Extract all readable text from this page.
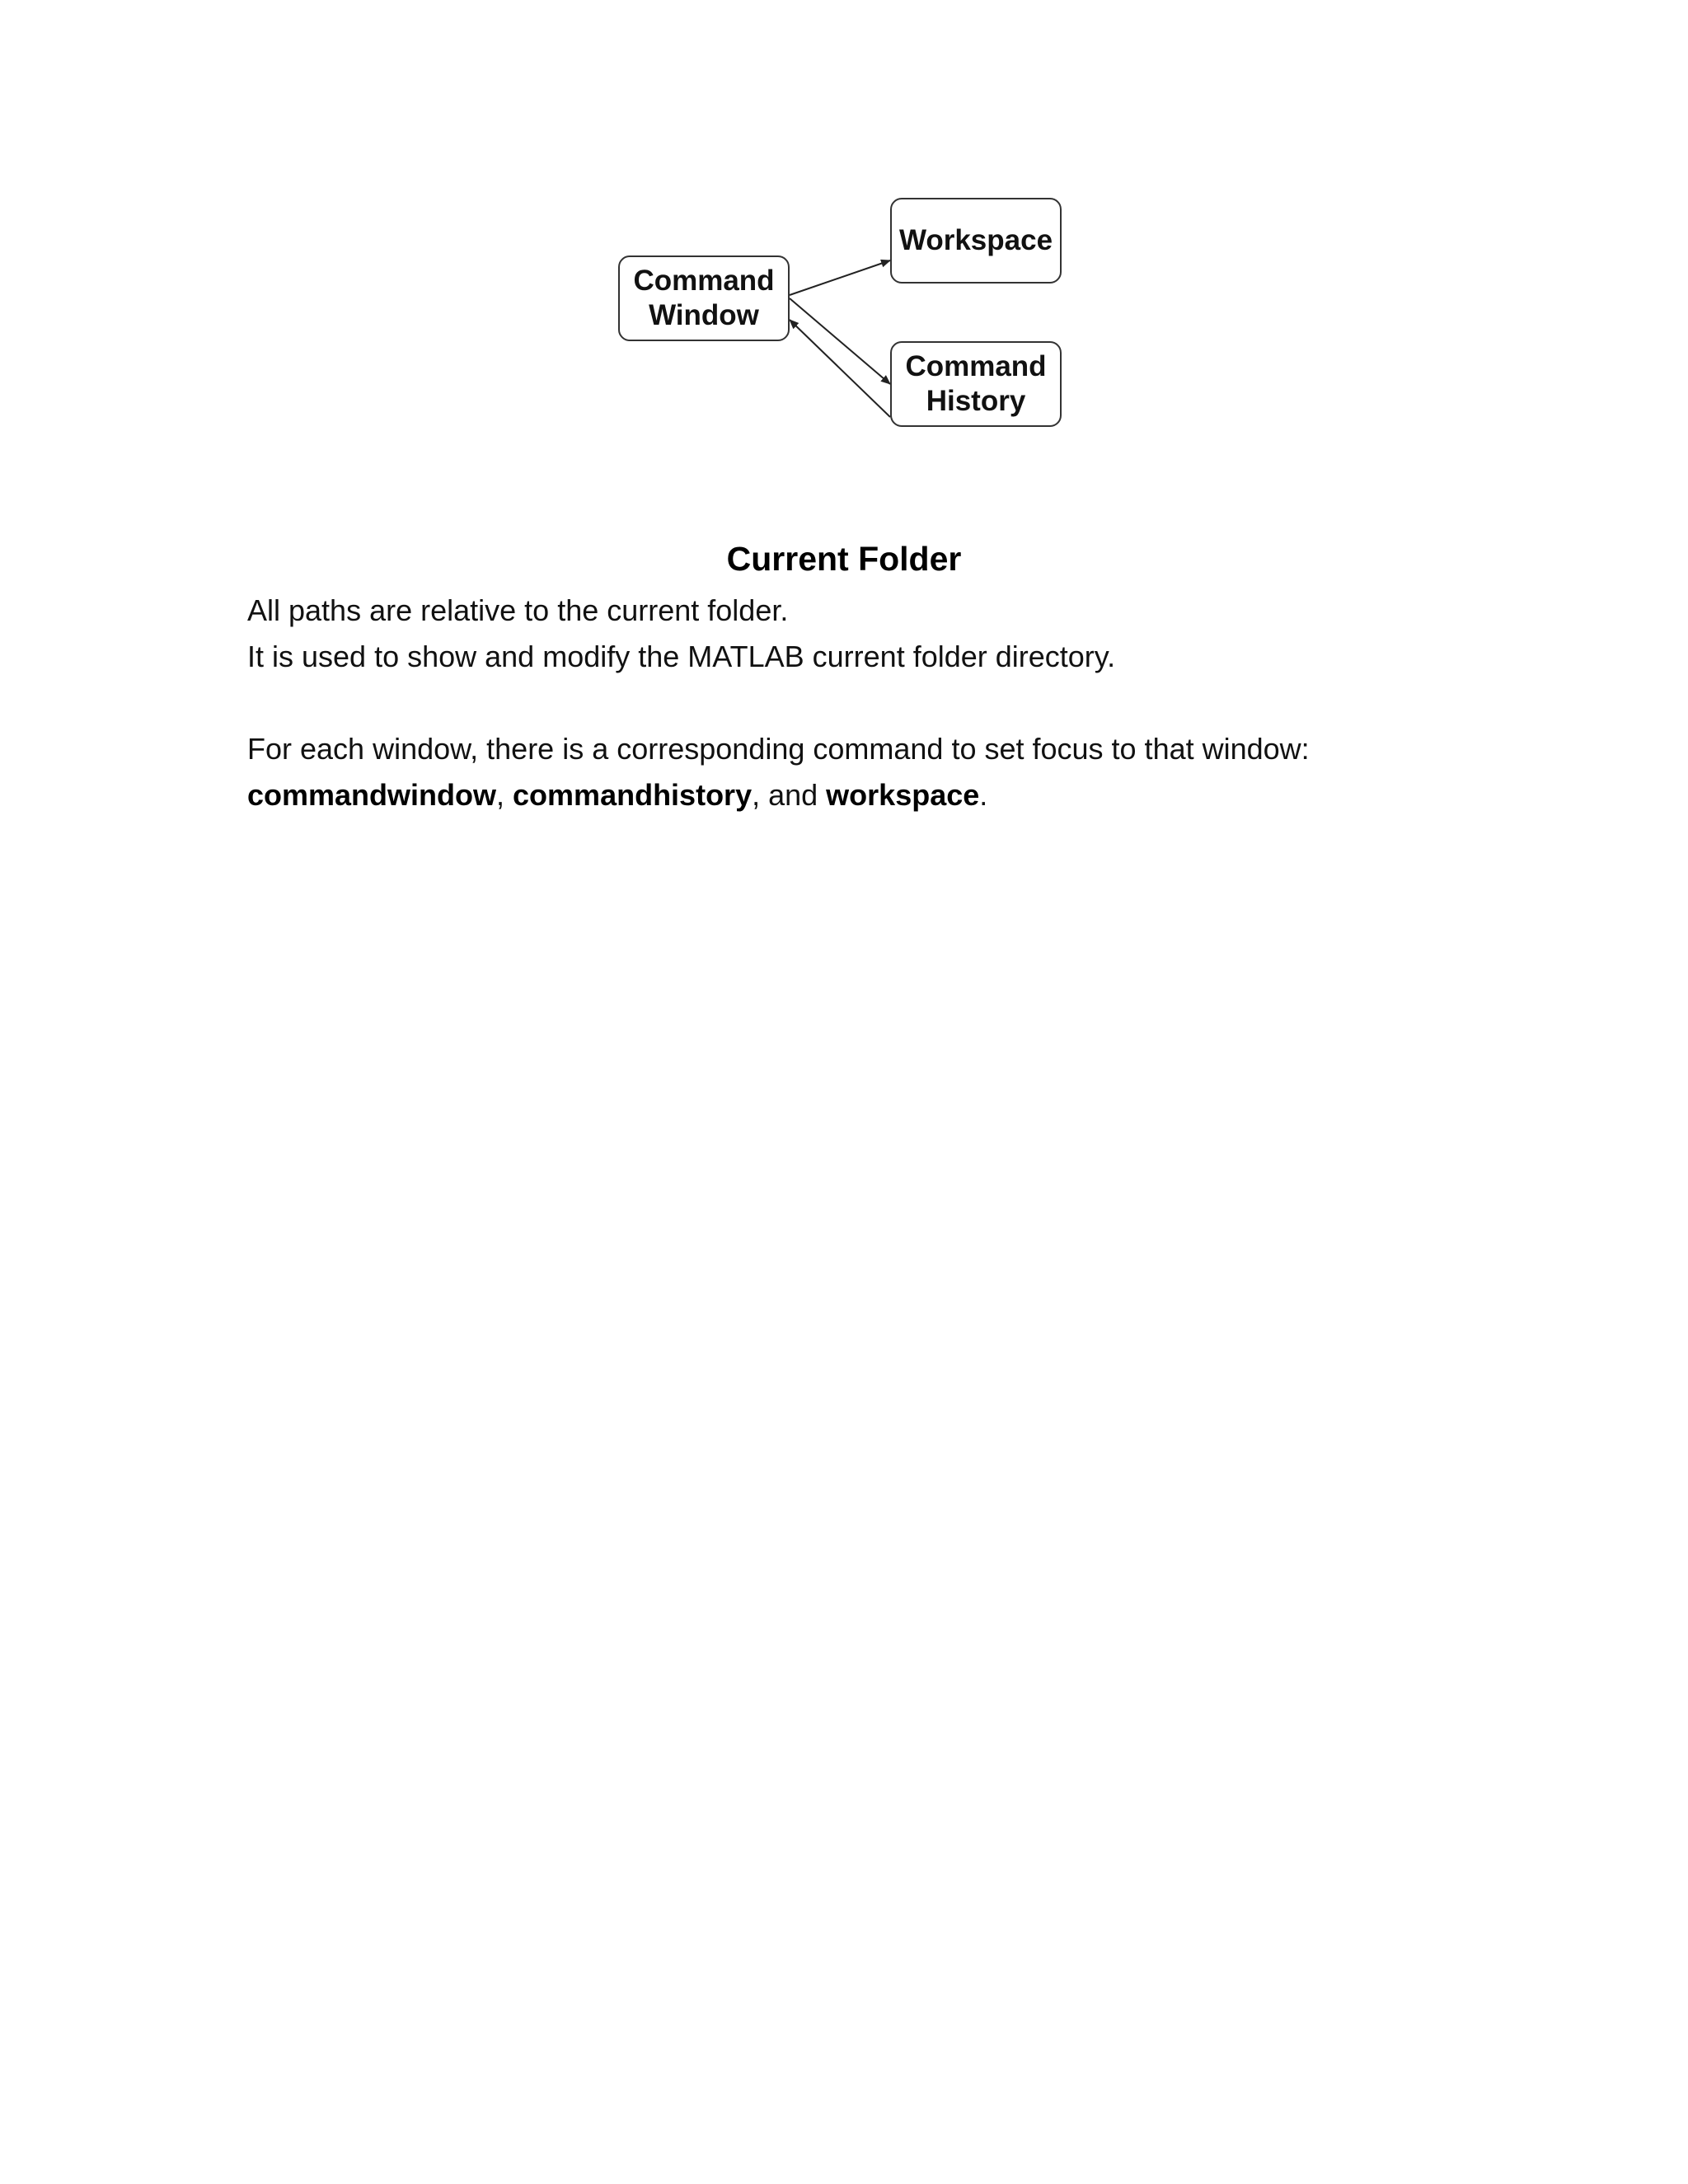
Command
Window
Workspace
Command
History
Current Folder
All paths are relative to the current folder.
It is used to show and modify the MATLAB current folder directory.
For each window, there is a corresponding command to set focus to that window:
commandwindow, commandhistory, and workspace.
